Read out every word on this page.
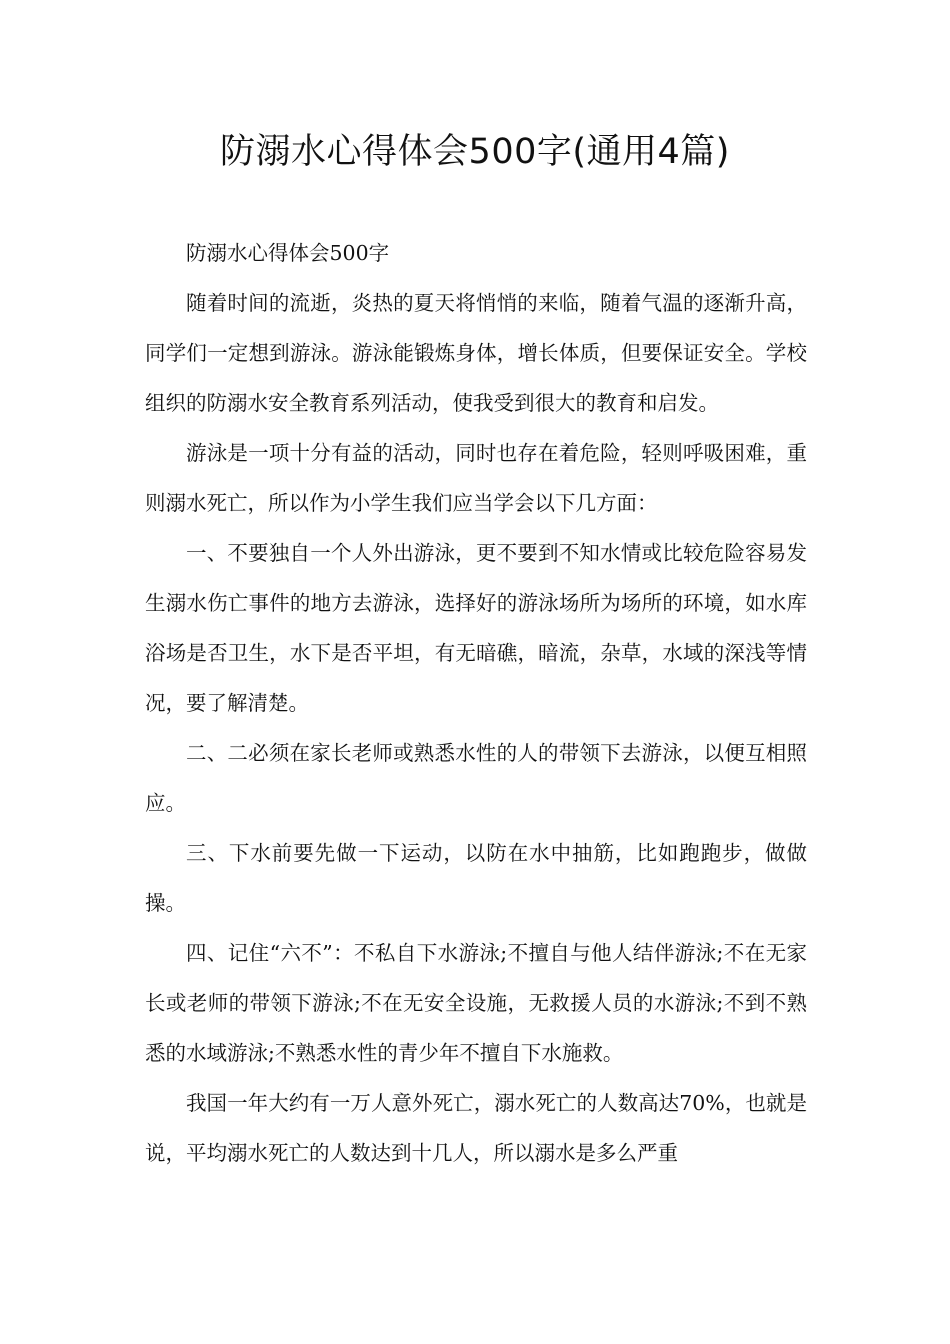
防溺水心得体会500字(通用4篇)

防溺水心得体会500字

随着时间的流逝，炎热的夏天将悄悄的来临，随着气温的逐渐升高，同学们一定想到游泳。游泳能锻炼身体，增长体质，但要保证安全。学校组织的防溺水安全教育系列活动，使我受到很大的教育和启发。

游泳是一项十分有益的活动，同时也存在着危险，轻则呼吸困难，重则溺水死亡，所以作为小学生我们应当学会以下几方面：

一、不要独自一个人外出游泳，更不要到不知水情或比较危险容易发生溺水伤亡事件的地方去游泳，选择好的游泳场所为场所的环境，如水库浴场是否卫生，水下是否平坦，有无暗礁，暗流，杂草，水域的深浅等情况，要了解清楚。

二、二必须在家长老师或熟悉水性的人的带领下去游泳，以便互相照应。

三、下水前要先做一下运动，以防在水中抽筋，比如跑跑步，做做操。

四、记住“六不”：不私自下水游泳;不擅自与他人结伴游泳;不在无家长或老师的带领下游泳;不在无安全设施，无救援人员的水游泳;不到不熟悉的水域游泳;不熟悉水性的青少年不擅自下水施救。

我国一年大约有一万人意外死亡，溺水死亡的人数高达70%，也就是说，平均溺水死亡的人数达到十几人，所以溺水是多么严重
